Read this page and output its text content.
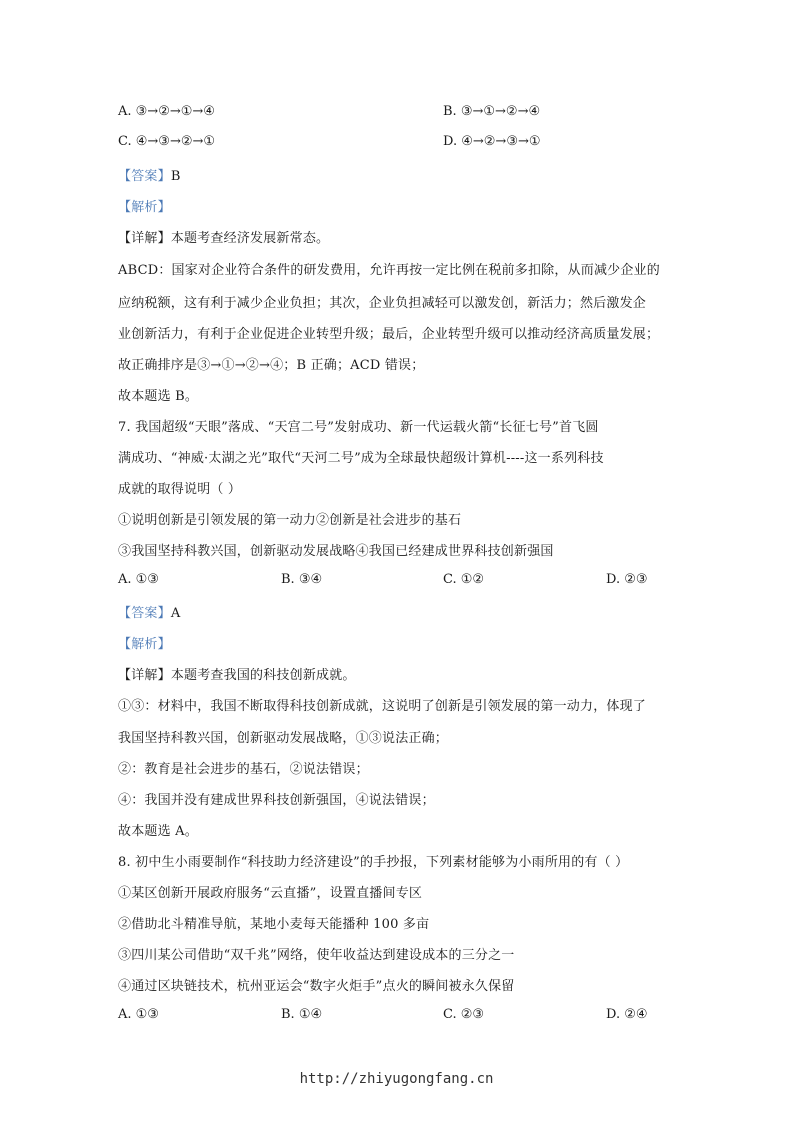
A. ③→②→①→④	B. ③→①→②→④
C. ④→③→②→①	D. ④→②→③→①
【答案】B
【解析】
【详解】本题考查经济发展新常态。
ABCD：国家对企业符合条件的研发费用，允许再按一定比例在税前多扣除，从而减少企业的
应纳税额，这有利于减少企业负担；其次，企业负担减轻可以激发创，新活力；然后激发企
业创新活力，有利于企业促进企业转型升级；最后，企业转型升级可以推动经济高质量发展；
故正确排序是③→①→②→④；B 正确；ACD 错误；
故本题选 B。
7. 我国超级“天眼”落成、“天宫二号”发射成功、新一代运载火箭“长征七号”首飞圆
满成功、“神威·太湖之光”取代“天河二号”成为全球最快超级计算机----这一系列科技
成就的取得说明（ ）
①说明创新是引领发展的第一动力②创新是社会进步的基石
③我国坚持科教兴国，创新驱动发展战略④我国已经建成世界科技创新强国
A. ①③	B. ③④	C. ①②	D. ②③
【答案】A
【解析】
【详解】本题考查我国的科技创新成就。
①③：材料中，我国不断取得科技创新成就，这说明了创新是引领发展的第一动力，体现了
我国坚持科教兴国，创新驱动发展战略，①③说法正确；
②：教育是社会进步的基石，②说法错误；
④：我国并没有建成世界科技创新强国，④说法错误；
故本题选 A。
8. 初中生小雨要制作“科技助力经济建设”的手抄报，下列素材能够为小雨所用的有（ ）
①某区创新开展政府服务“云直播”，设置直播间专区
②借助北斗精准导航，某地小麦每天能播种 100 多亩
③四川某公司借助“双千兆”网络，使年收益达到建设成本的三分之一
④通过区块链技术，杭州亚运会“数字火炬手”点火的瞬间被永久保留
A. ①③	B. ①④	C. ②③	D. ②④
http://zhiyugongfang.cn
